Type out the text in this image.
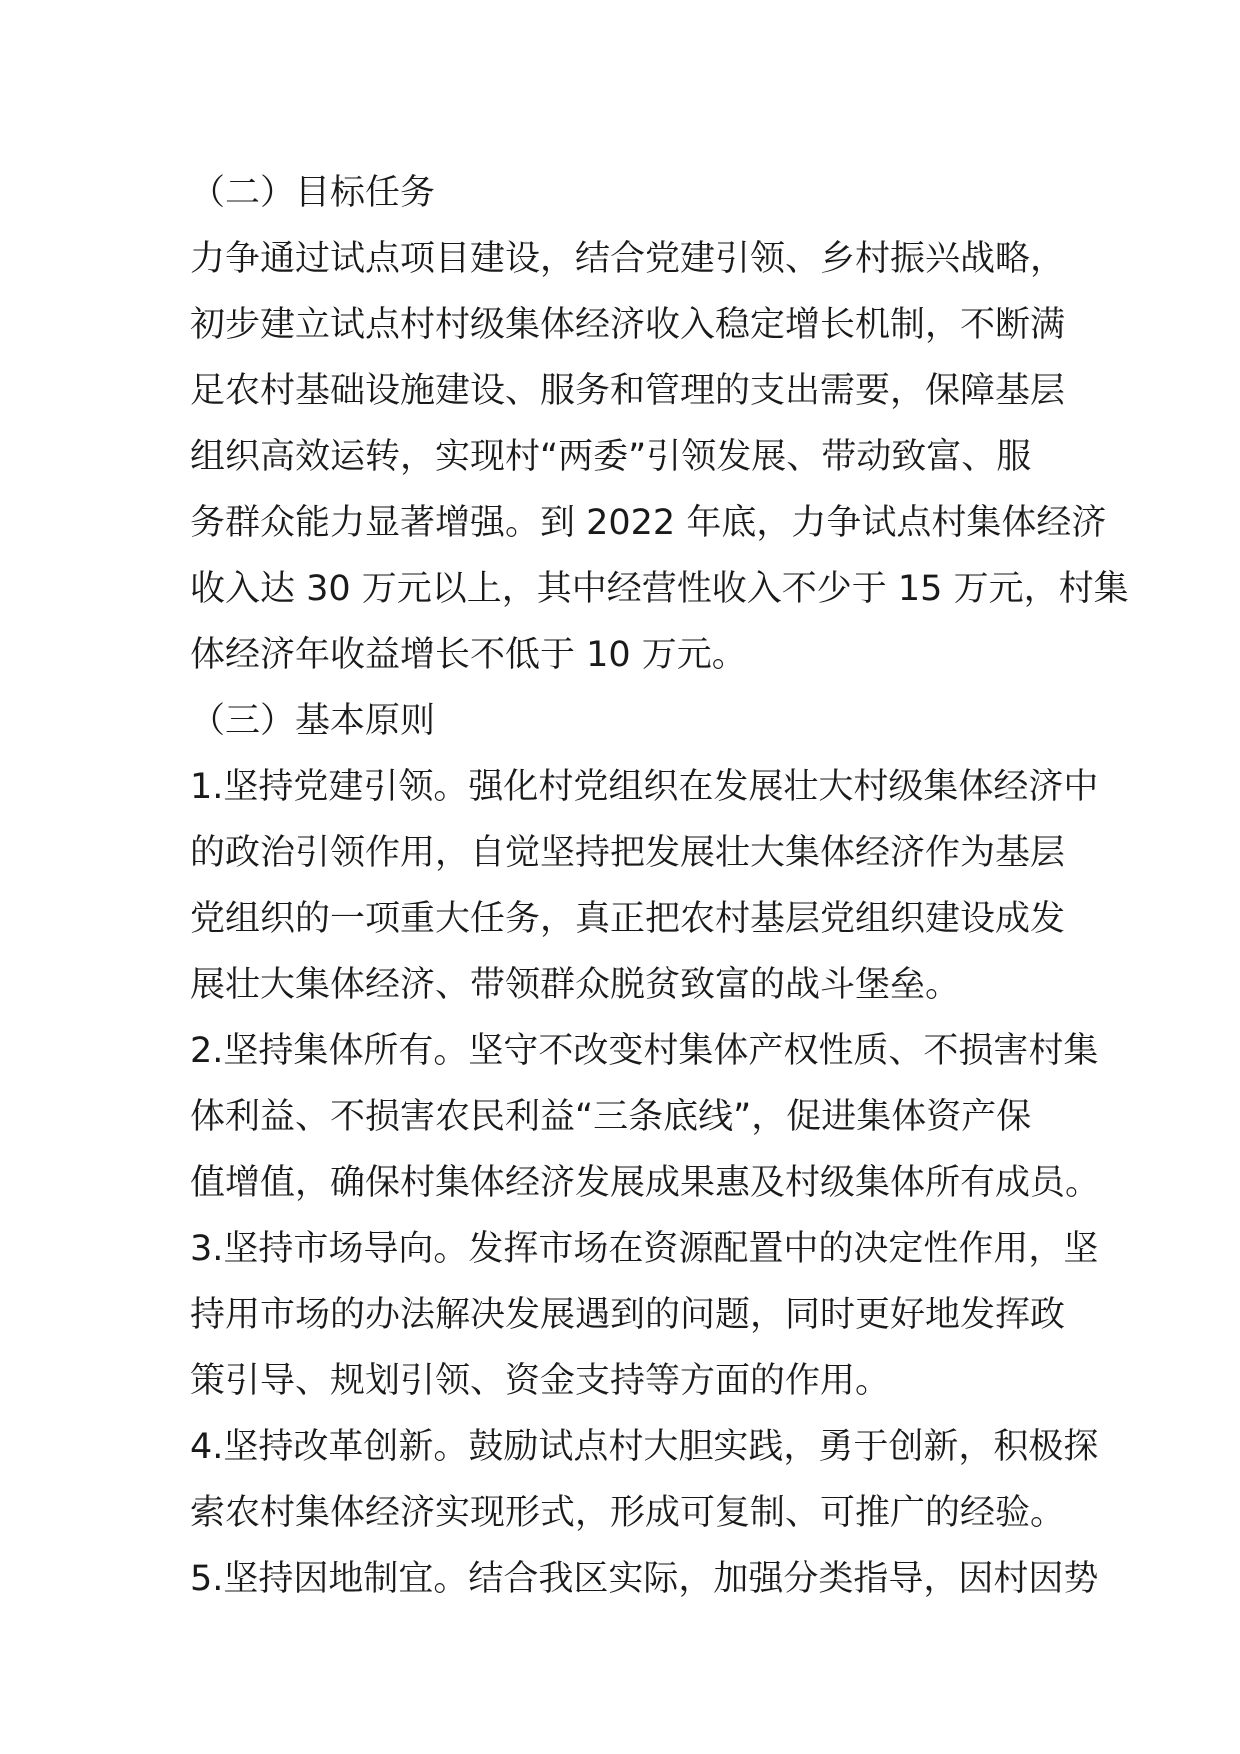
（二）目标任务
力争通过试点项目建设，结合党建引领、乡村振兴战略，
初步建立试点村村级集体经济收入稳定增长机制，不断满
足农村基础设施建设、服务和管理的支出需要，保障基层
组织高效运转，实现村“两委”引领发展、带动致富、服
务群众能力显著增强。到 2022 年底，力争试点村集体经济
收入达 30 万元以上，其中经营性收入不少于 15 万元，村集
体经济年收益增长不低于 10 万元。
（三）基本原则
1.坚持党建引领。强化村党组织在发展壮大村级集体经济中
的政治引领作用，自觉坚持把发展壮大集体经济作为基层
党组织的一项重大任务，真正把农村基层党组织建设成发
展壮大集体经济、带领群众脱贫致富的战斗堡垒。
2.坚持集体所有。坚守不改变村集体产权性质、不损害村集
体利益、不损害农民利益“三条底线”，促进集体资产保
值增值，确保村集体经济发展成果惠及村级集体所有成员。
3.坚持市场导向。发挥市场在资源配置中的决定性作用，坚
持用市场的办法解决发展遇到的问题，同时更好地发挥政
策引导、规划引领、资金支持等方面的作用。
4.坚持改革创新。鼓励试点村大胆实践，勇于创新，积极探
索农村集体经济实现形式，形成可复制、可推广的经验。
5.坚持因地制宜。结合我区实际，加强分类指导，因村因势
